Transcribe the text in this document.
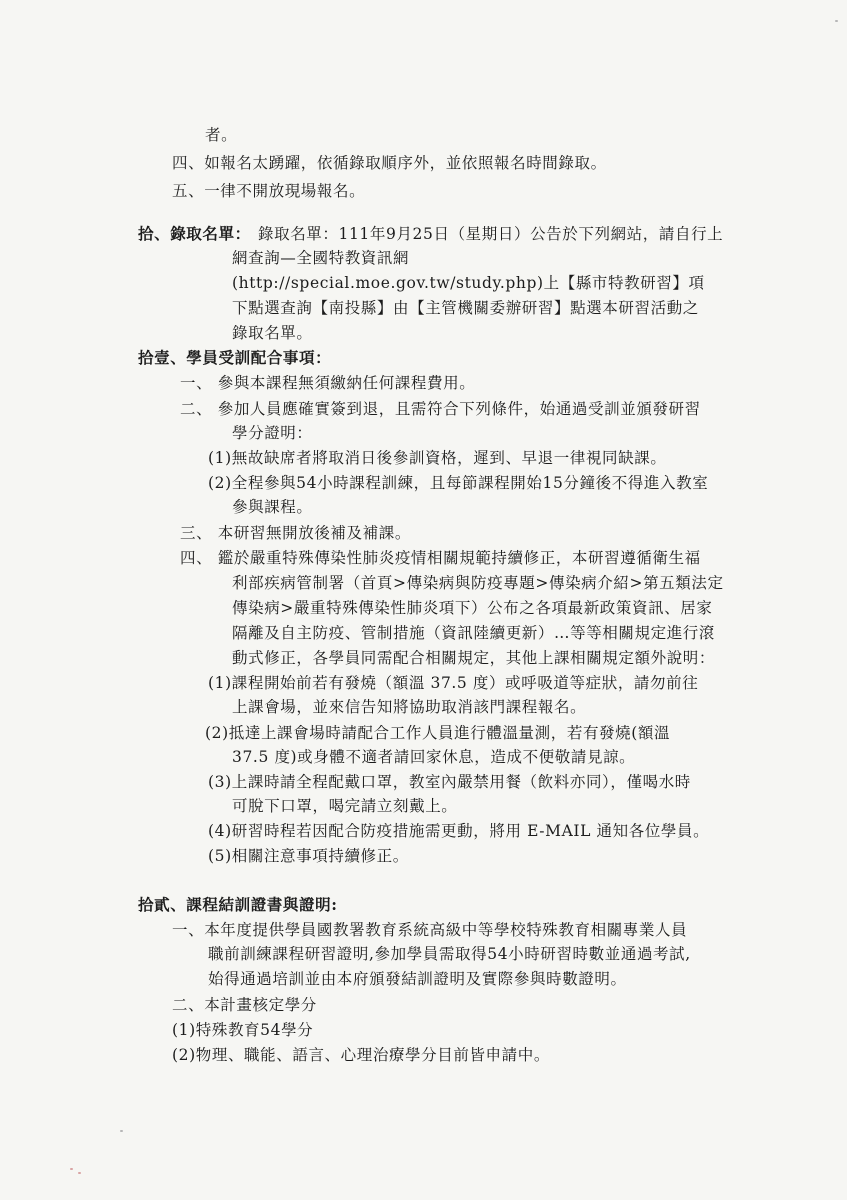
者。
四、如報名太踴躍，依循錄取順序外，並依照報名時間錄取。
五、一律不開放現場報名。
拾、錄取名單： 錄取名單：111年9月25日（星期日）公告於下列網站，請自行上
網查詢—全國特教資訊網
(http://special.moe.gov.tw/study.php)上【縣市特教研習】項
下點選查詢【南投縣】由【主管機關委辦研習】點選本研習活動之
錄取名單。
拾壹、學員受訓配合事項：
一、 參與本課程無須繳納任何課程費用。
二、 參加人員應確實簽到退，且需符合下列條件，始通過受訓並頒發研習
學分證明：
(1)無故缺席者將取消日後參訓資格，遲到、早退一律視同缺課。
(2)全程參與54小時課程訓練，且每節課程開始15分鐘後不得進入教室
參與課程。
三、 本研習無開放後補及補課。
四、 鑑於嚴重特殊傳染性肺炎疫情相關規範持續修正，本研習遵循衛生福
利部疾病管制署（首頁>傳染病與防疫專題>傳染病介紹>第五類法定
傳染病>嚴重特殊傳染性肺炎項下）公布之各項最新政策資訊、居家
隔離及自主防疫、管制措施（資訊陸續更新）…等等相關規定進行滾
動式修正，各學員同需配合相關規定，其他上課相關規定額外說明：
(1)課程開始前若有發燒（額溫 37.5 度）或呼吸道等症狀，請勿前往
上課會場，並來信告知將協助取消該門課程報名。
(2)抵達上課會場時請配合工作人員進行體溫量測，若有發燒(額溫
37.5 度)或身體不適者請回家休息，造成不便敬請見諒。
(3)上課時請全程配戴口罩，教室內嚴禁用餐（飲料亦同），僅喝水時
可脫下口罩，喝完請立刻戴上。
(4)研習時程若因配合防疫措施需更動，將用 E-MAIL 通知各位學員。
(5)相關注意事項持續修正。
拾貳、課程結訓證書與證明:
一、本年度提供學員國教署教育系統高級中等學校特殊教育相關專業人員
職前訓練課程研習證明,參加學員需取得54小時研習時數並通過考試,
始得通過培訓並由本府頒發結訓證明及實際參與時數證明。
二、本計畫核定學分
(1)特殊教育54學分
(2)物理、職能、語言、心理治療學分目前皆申請中。
